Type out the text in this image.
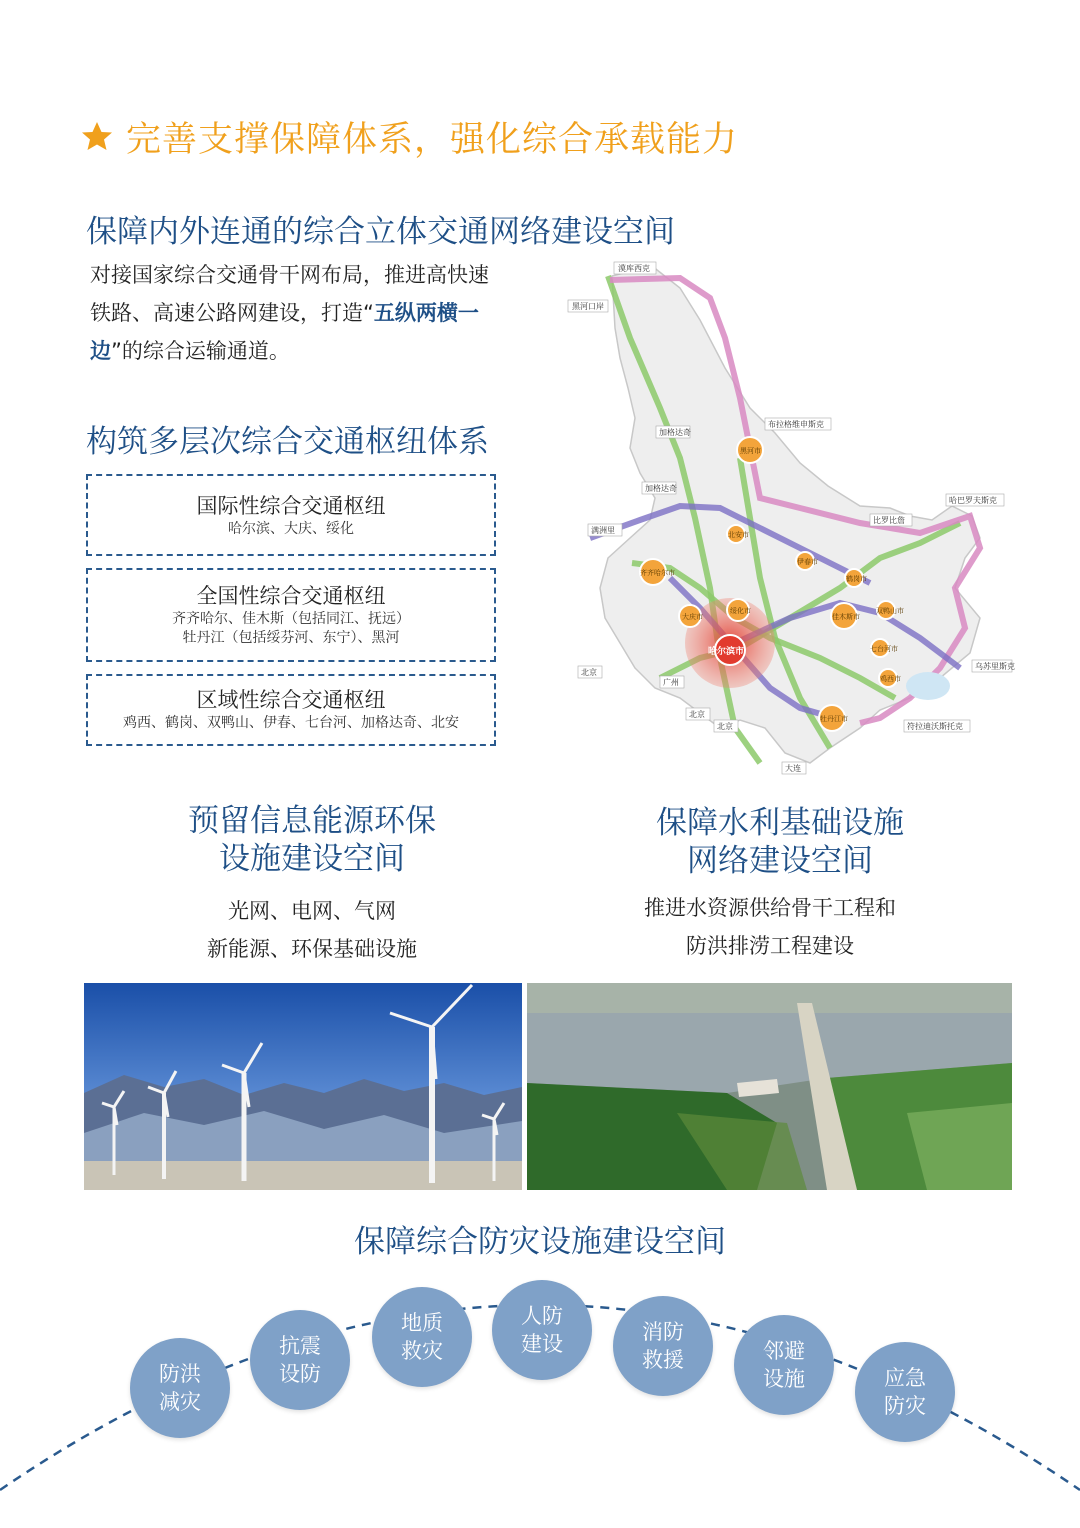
完善支撑保障体系，强化综合承载能力
保障内外连通的综合立体交通网络建设空间
对接国家综合交通骨干网布局，推进高快速铁路、高速公路网建设，打造“五纵两横一边”的综合运输通道。
构筑多层次综合交通枢纽体系
国际性综合交通枢纽
哈尔滨、大庆、绥化
全国性综合交通枢纽
齐齐哈尔、佳木斯（包括同江、抚远）
牡丹江（包括绥芬河、东宁）、黑河
区域性综合交通枢纽
鸡西、鹤岗、双鸭山、伊春、七台河、加格达奇、北安
漠库西克
黑河口岸
布拉格维申斯克
哈巴罗夫斯克
比罗比詹
乌苏里斯克
符拉迪沃斯托克
满洲里
北京
广州
北京
北京
大连
加格达奇
加格达奇
齐齐哈尔市
黑河市
佳木斯市
牡丹江市
大庆市
绥化市
北安市
伊春市
鹤岗市
双鸭山市
七台河市
鸡西市
哈尔滨市
预留信息能源环保
设施建设空间
光网、电网、气网
新能源、环保基础设施
保障水利基础设施
网络建设空间
推进水资源供给骨干工程和
防洪排涝工程建设
保障综合防灾设施建设空间
防洪
减灾
抗震
设防
地质
救灾
人防
建设	消防
救援	邻避
设施	应急
防灾
